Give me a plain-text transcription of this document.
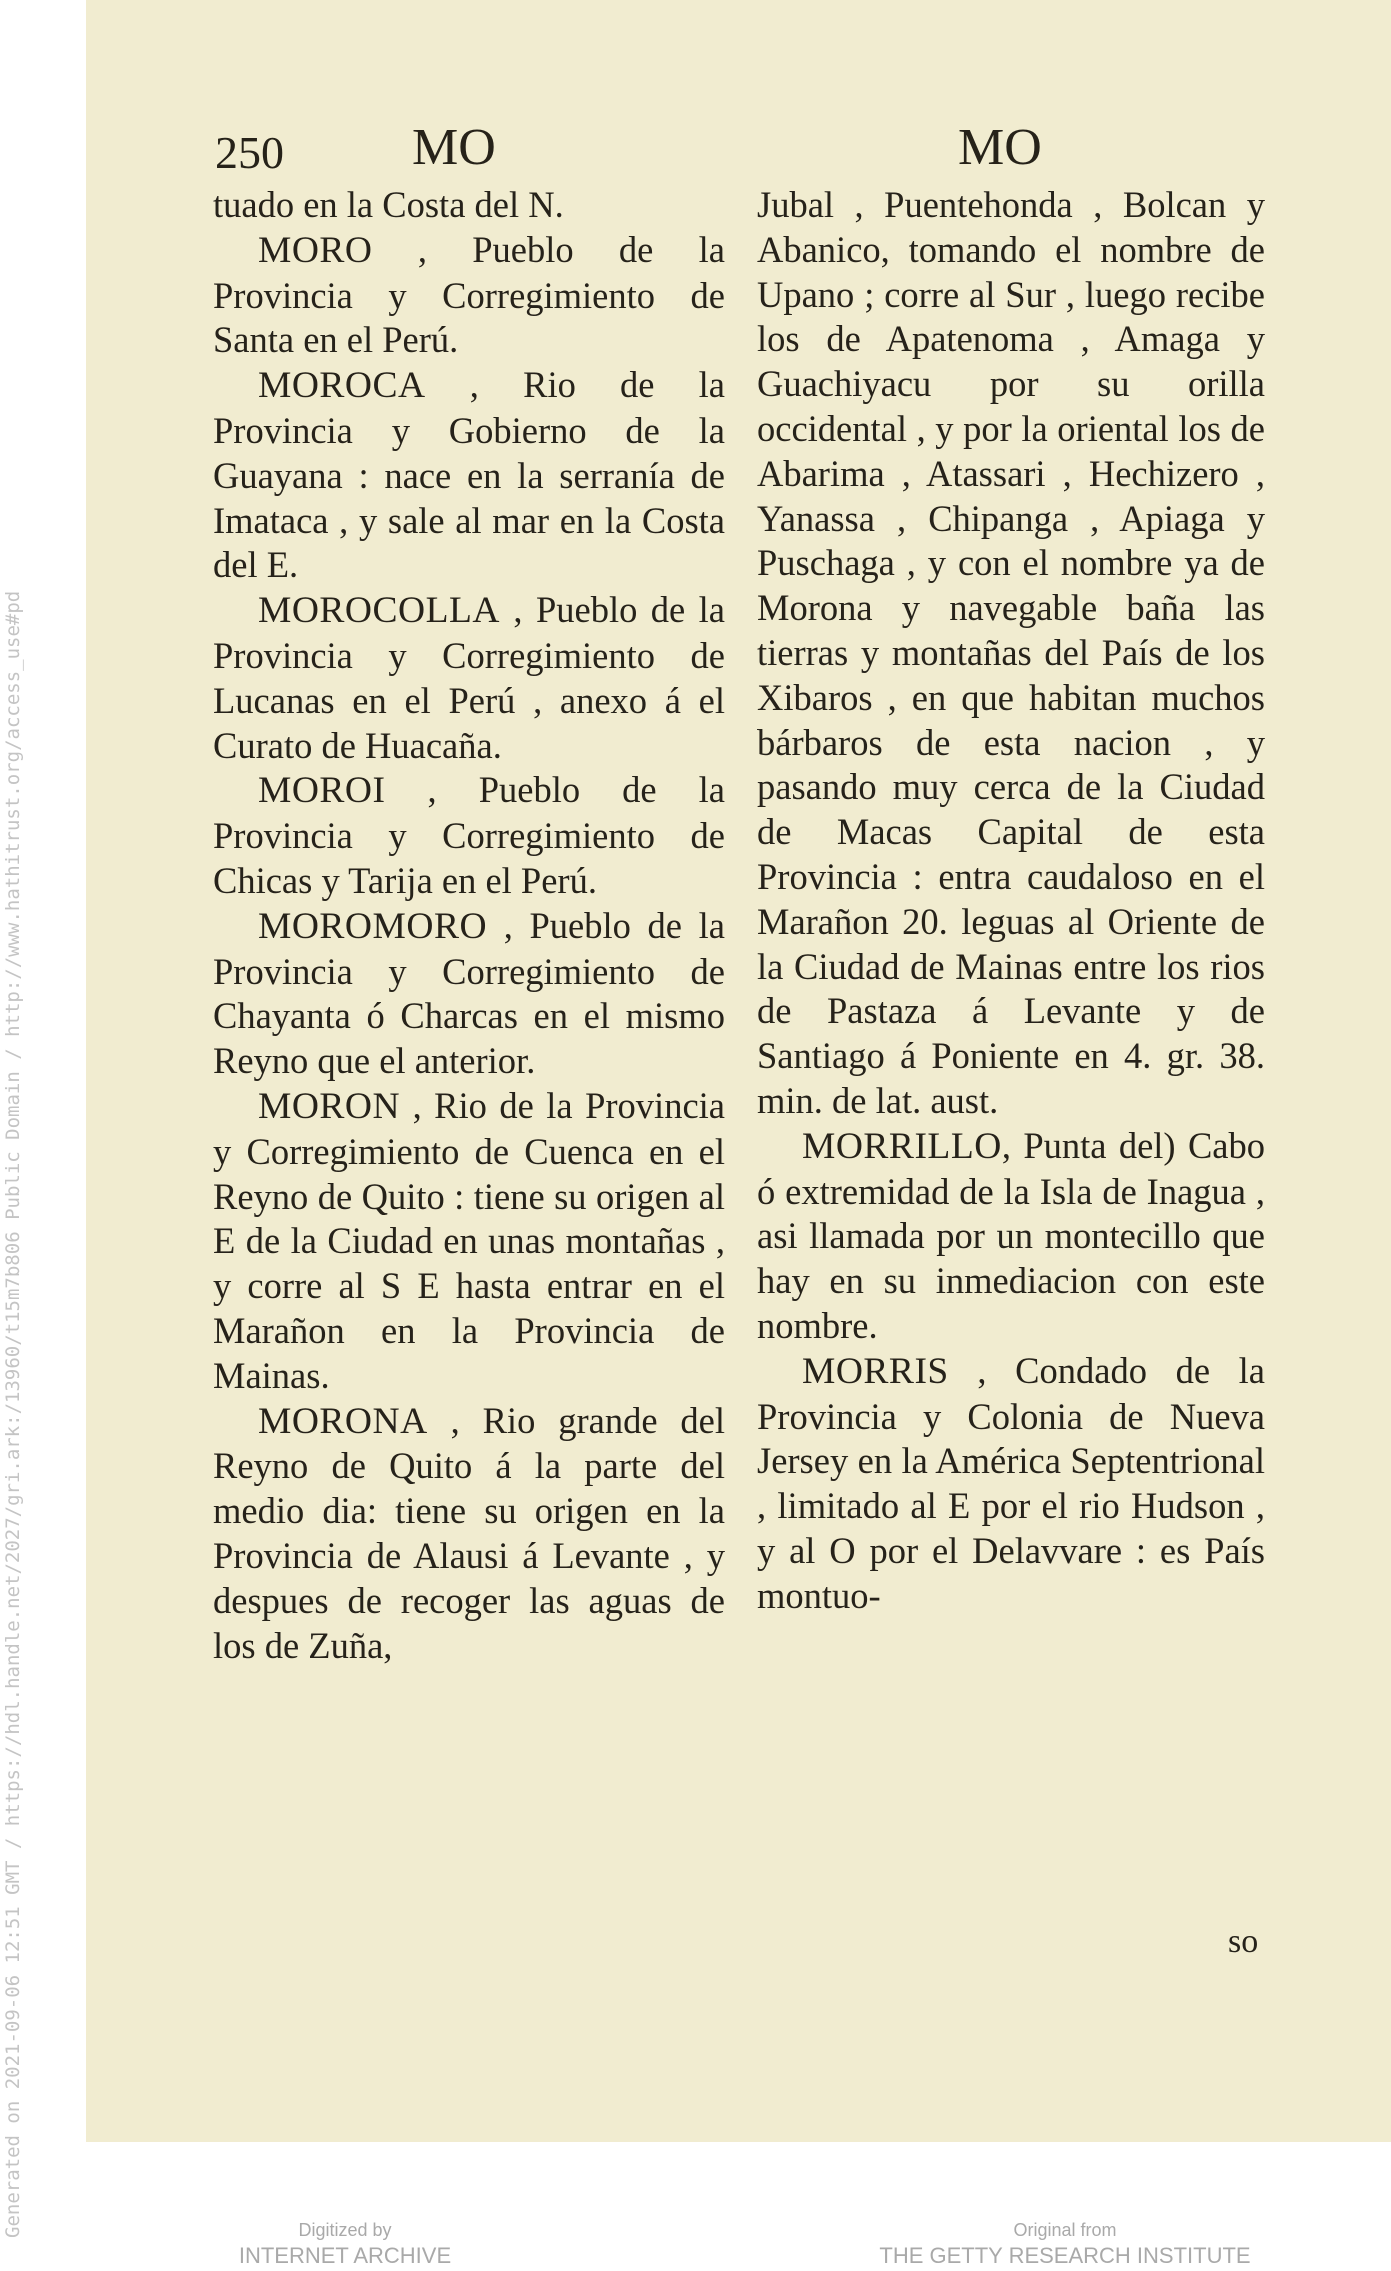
Generated on 2021-09-06 12:51 GMT / https://hdl.handle.net/2027/gri.ark:/13960/t15m7b806 Public Domain / http://www.hathitrust.org/access_use#pd
250 MO	MO

tuado en la Costa del N.

MORO , Pueblo de la Provincia y Corregimiento de Santa en el Perú.

MOROCA , Rio de la Provincia y Gobierno de la Guayana : nace en la serranía de Imataca , y sale al mar en la Costa del E.

MOROCOLLA , Pueblo de la Provincia y Corregimiento de Lucanas en el Perú , anexo á el Curato de Huacaña.

MOROI , Pueblo de la Provincia y Corregimiento de Chicas y Tarija en el Perú.

MOROMORO , Pueblo de la Provincia y Corregimiento de Chayanta ó Charcas en el mismo Reyno que el anterior.

MORON , Rio de la Provincia y Corregimiento de Cuenca en el Reyno de Quito : tiene su origen al E de la Ciudad en unas montañas , y corre al S E hasta entrar en el Marañon en la Provincia de Mainas.

MORONA , Rio grande del Reyno de Quito á la parte del medio dia: tiene su origen en la Provincia de Alausi á Levante , y despues de recoger las aguas de los de Zuña,

Jubal , Puentehonda , Bolcan y Abanico, tomando el nombre de Upano ; corre al Sur , luego recibe los de Apatenoma , Amaga y Guachiyacu por su orilla occidental , y por la oriental los de Abarima , Atassari , Hechizero , Yanassa , Chipanga , Apiaga y Puschaga , y con el nombre ya de Morona y navegable baña las tierras y montañas del País de los Xibaros , en que habitan muchos bárbaros de esta nacion , y pasando muy cerca de la Ciudad de Macas Capital de esta Provincia : entra caudaloso en el Marañon 20. leguas al Oriente de la Ciudad de Mainas entre los rios de Pastaza á Levante y de Santiago á Poniente en 4. gr. 38. min. de lat. aust.

MORRILLO, Punta del) Cabo ó extremidad de la Isla de Inagua , asi llamada por un montecillo que hay en su inmediacion con este nombre.

MORRIS , Condado de la Provincia y Colonia de Nueva Jersey en la América Septentrional , limitado al E por el rio Hudson , y al O por el Delavvare : es País montuo-

so
Digitized by
INTERNET ARCHIVE
Original from
THE GETTY RESEARCH INSTITUTE
